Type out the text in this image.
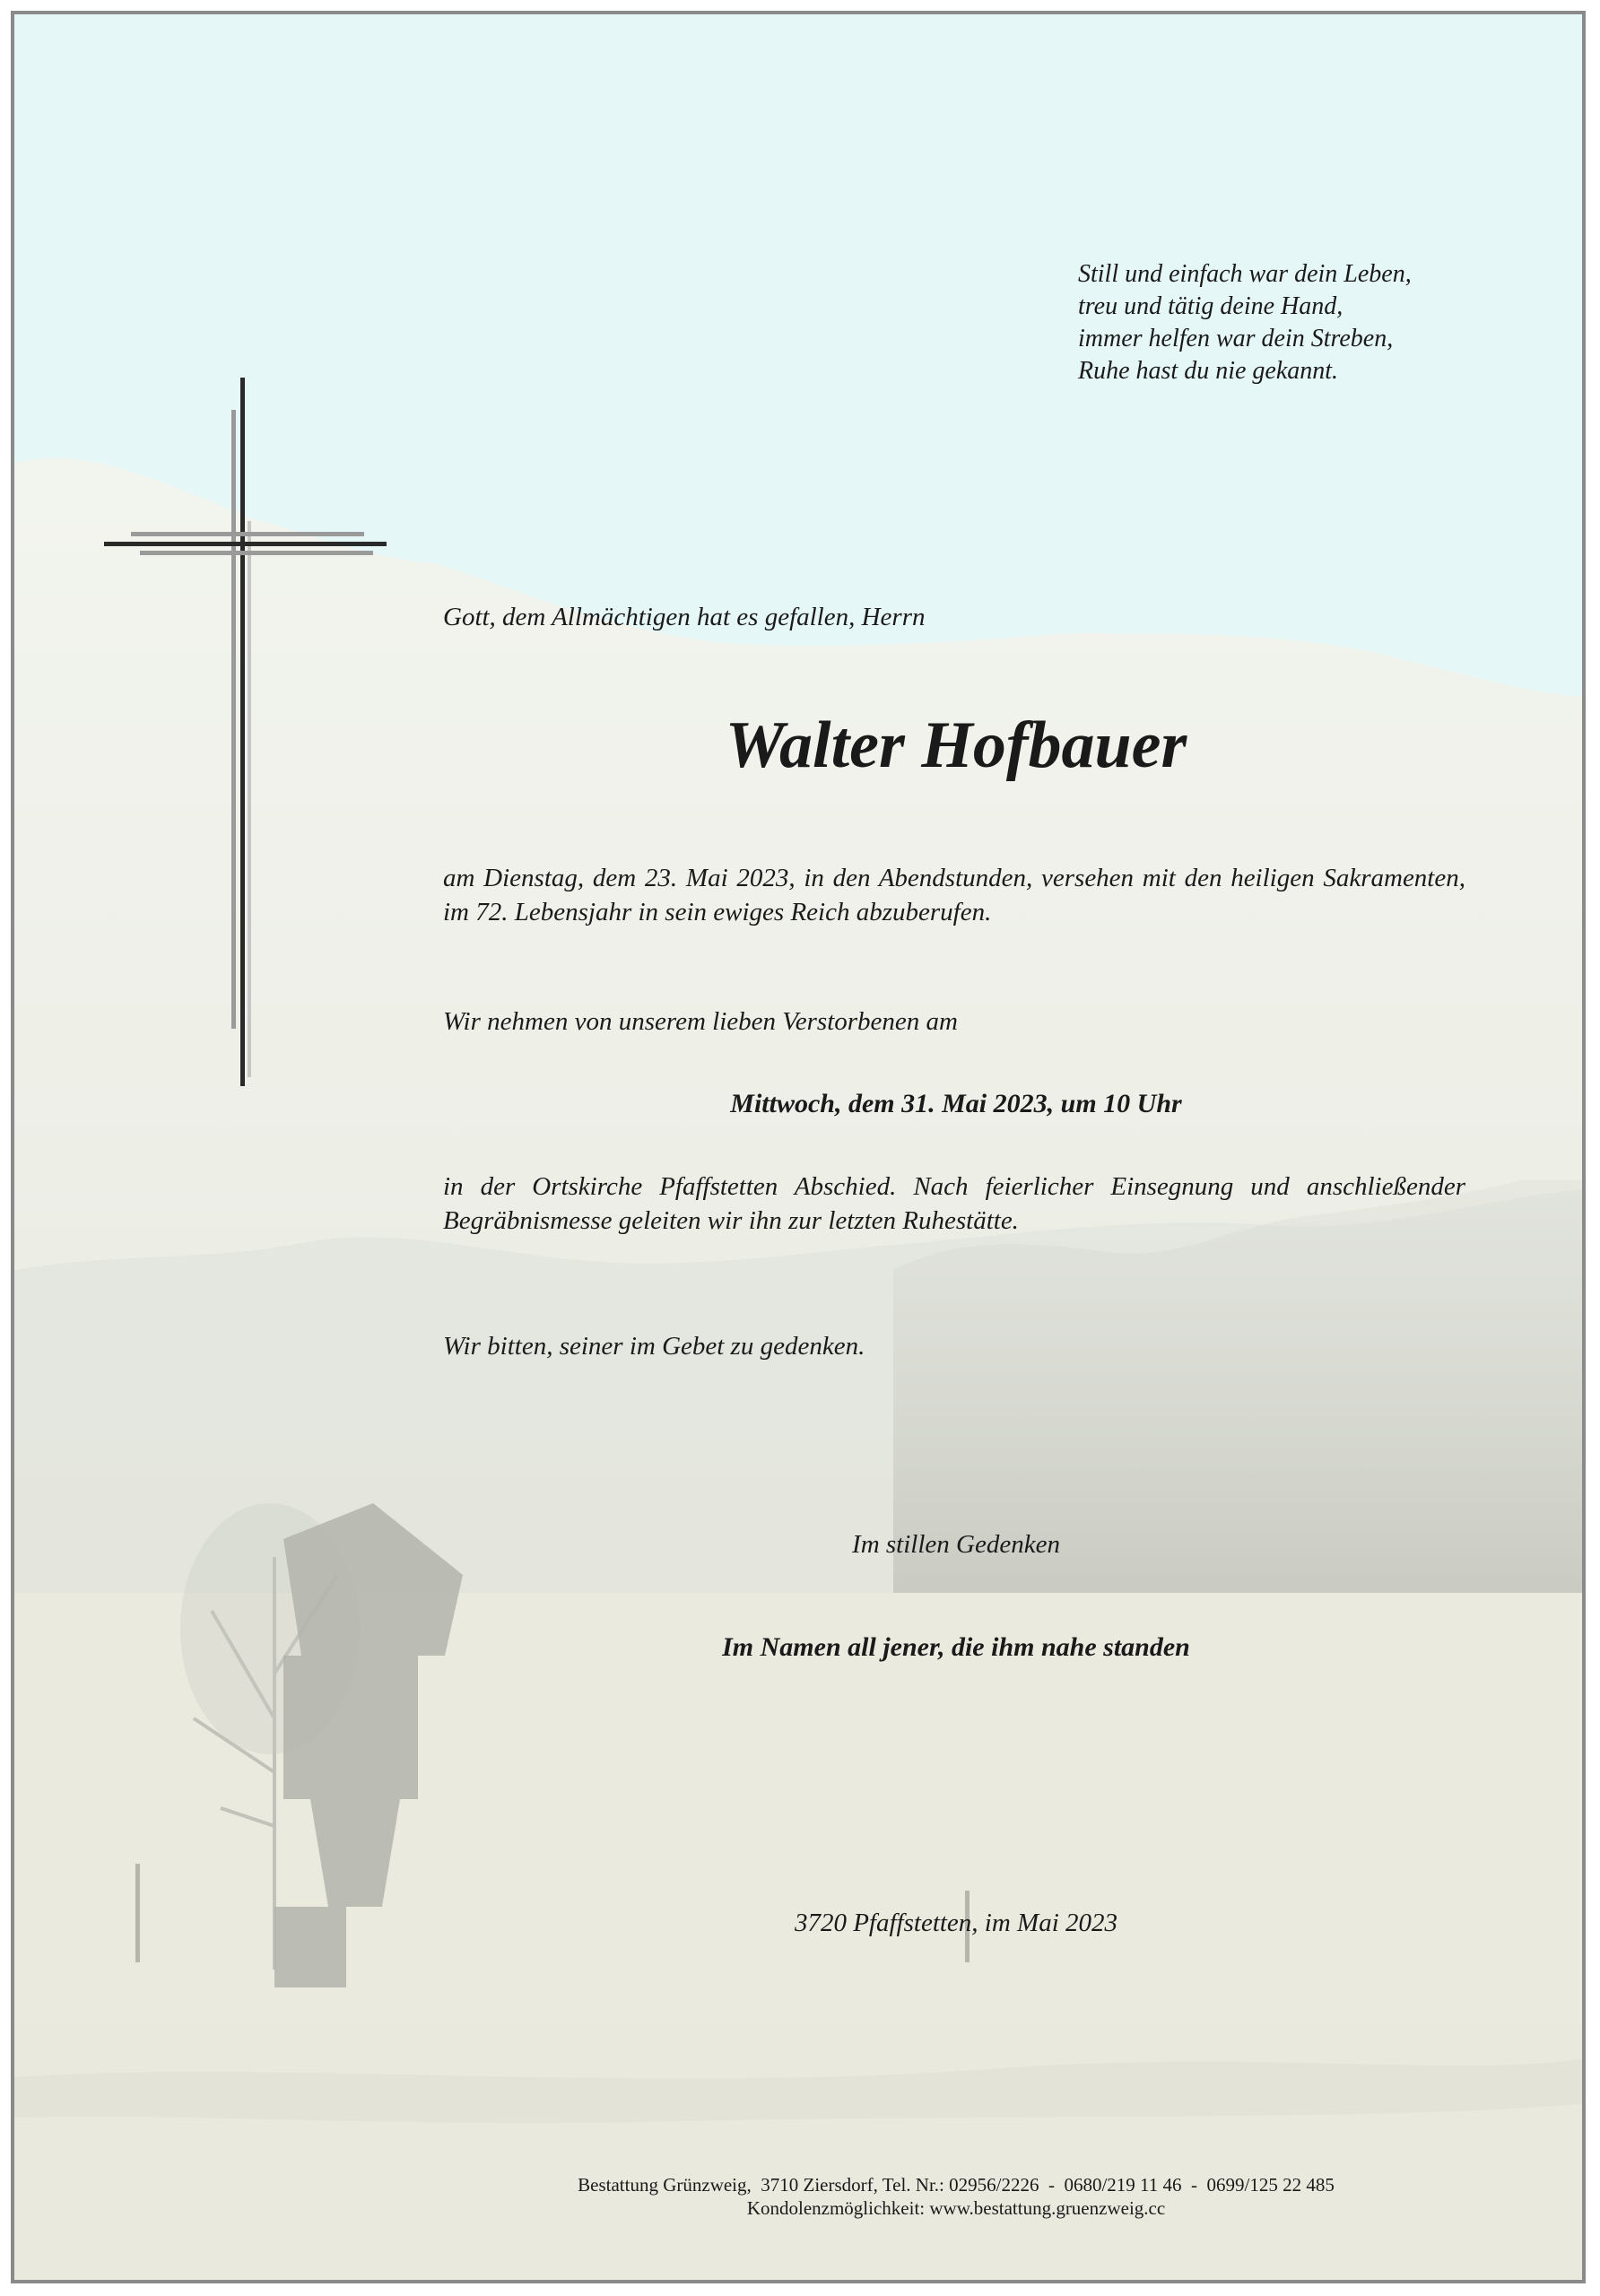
Still und einfach war dein Leben,
treu und tätig deine Hand,
immer helfen war dein Streben,
Ruhe hast du nie gekannt.

Gott, dem Allmächtigen hat es gefallen, Herrn

Walter Hofbauer

am Dienstag, dem 23. Mai 2023, in den Abendstunden, versehen mit den heiligen Sakramenten, im 72. Lebensjahr in sein ewiges Reich abzuberufen.

Wir nehmen von unserem lieben Verstorbenen am

Mittwoch, dem 31. Mai 2023, um 10 Uhr

in der Ortskirche Pfaffstetten Abschied. Nach feierlicher Einsegnung und anschließender Begräbnismesse geleiten wir ihn zur letzten Ruhestätte.

Wir bitten, seiner im Gebet zu gedenken.

Im stillen Gedenken

Im Namen all jener, die ihm nahe standen

3720 Pfaffstetten, im Mai 2023

Bestattung Grünzweig,  3710 Ziersdorf, Tel. Nr.: 02956/2226  -  0680/219 11 46  -  0699/125 22 485
Kondolenzmöglichkeit: www.bestattung.gruenzweig.cc
